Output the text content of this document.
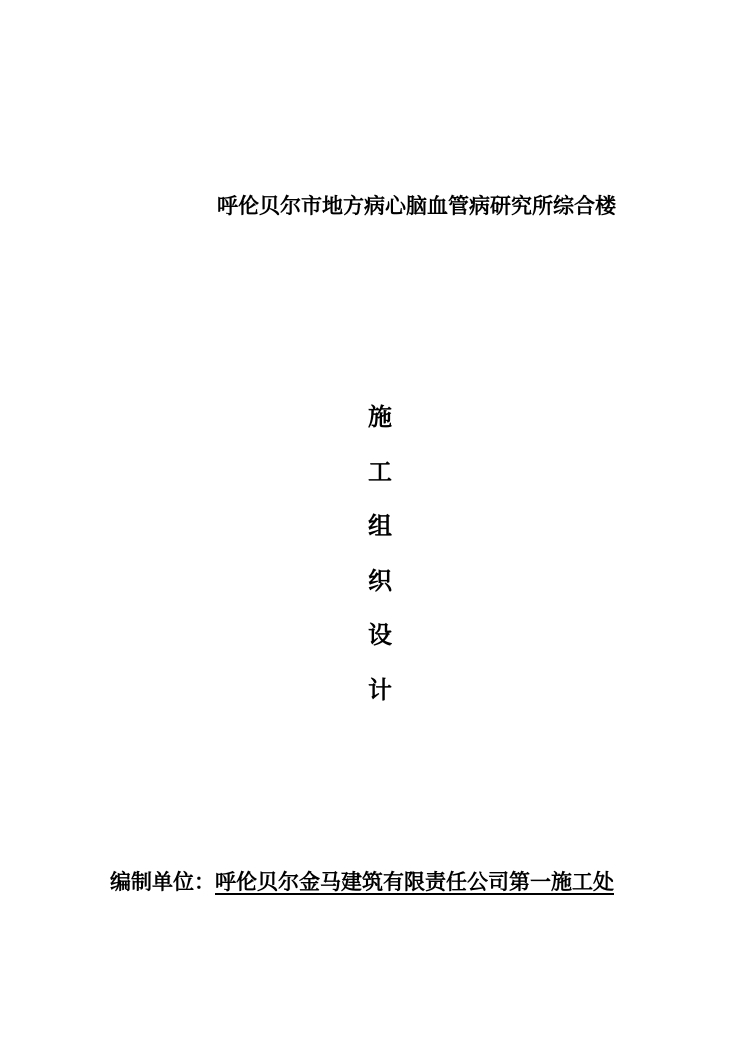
呼伦贝尔市地方病心脑血管病研究所综合楼
施
工
组
织
设
计
编制单位：呼伦贝尔金马建筑有限责任公司第一施工处
